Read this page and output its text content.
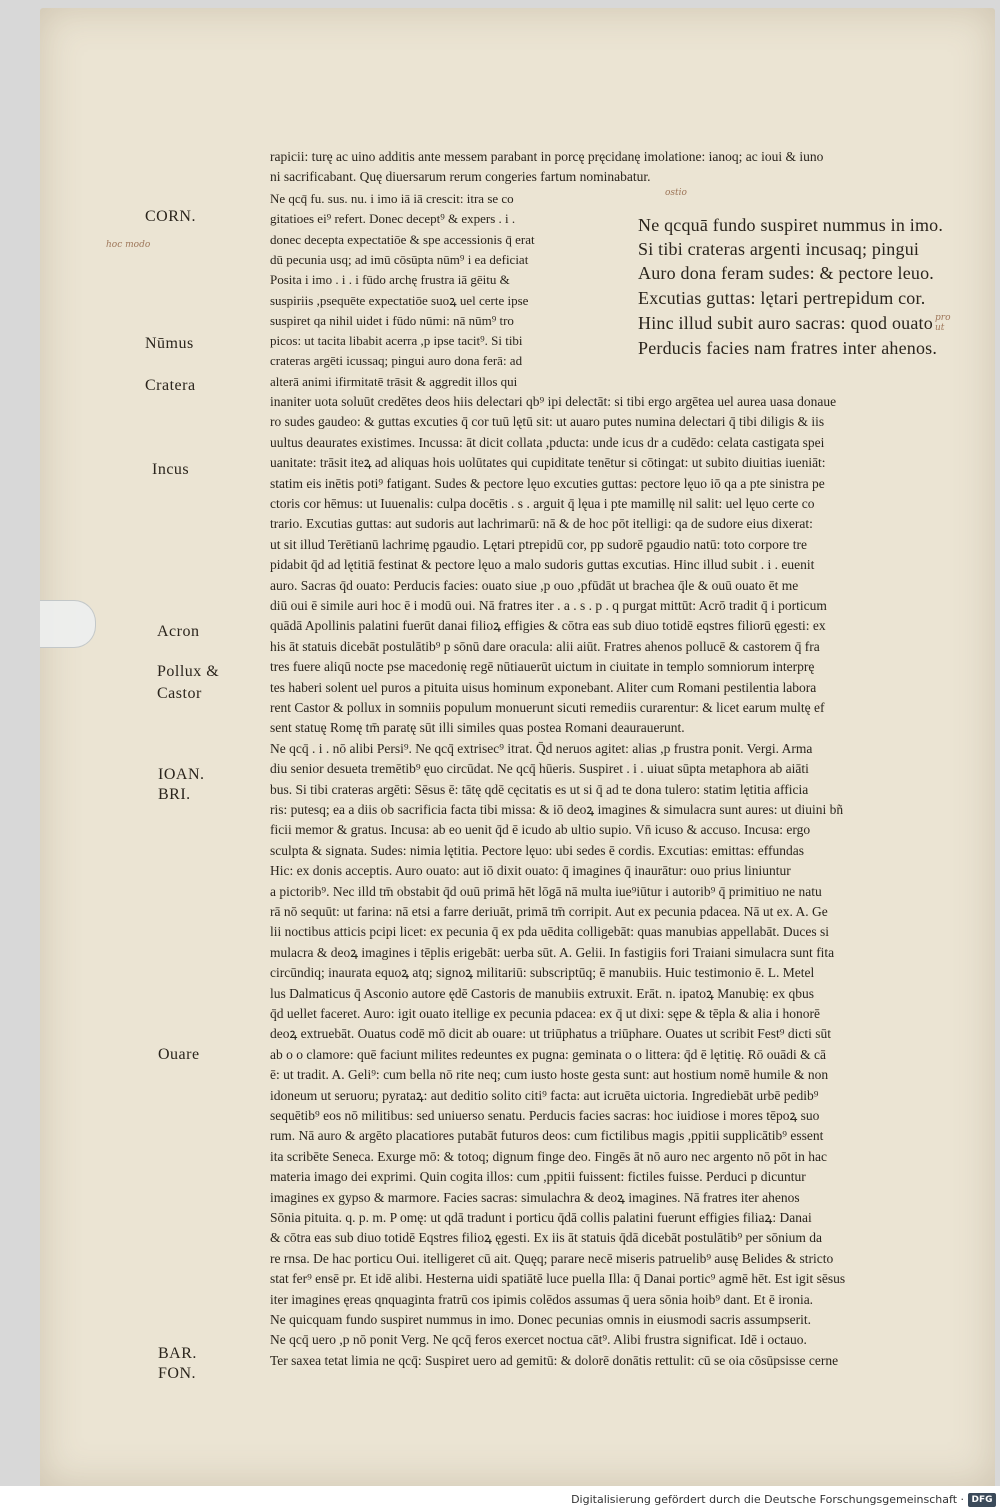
CORN.
Nūmus
Cratera
Incus
Acron
Pollux &
Castor
IOAN.
BRI.
Ouare
BAR.
FON.
hoc modo
ostio
pro ut
Ne qcquā fundo suspiret nummus in imo.
Si tibi crateras argenti incusaq; pingui
Auro dona feram sudes: & pectore leuo.
Excutias guttas: lętari pertrepidum cor.
Hinc illud subit auro sacras: quod ouato
Perducis facies nam fratres inter ahenos.
rapicii: turę ac uino additis ante messem parabant in porcę pręcidanę imolatione: ianoq; ac ioui & iuno
ni sacrificabant. Quę diuersarum rerum congeries fartum nominabatur.
Ne qcq̄ fu. sus. nu. i imo iā iā crescit: itra se co
gitatioes ei⁹ refert. Donec decept⁹ & expers . i .
donec decepta expectatiōe & spe accessionis q̄ erat
dū pecunia usq; ad imū cōsūpta nūm⁹ i ea deficiat
Posita i imo . i . i fūdo archę frustra iā gēitu &
suspiriis ,psequēte expectatiōe suoꝝ uel certe ipse
suspiret qa nihil uidet i fūdo nūmi: nā nūm⁹ tro
picos: ut tacita libabit acerra ,p ipse tacit⁹. Si tibi
crateras argēti icussaq; pingui auro dona ferā: ad
alterā animi ifirmitatē trāsit & aggredit illos qui
inaniter uota soluūt credētes deos hiis delectari qb⁹ ipi delectāt: si tibi ergo argētea uel aurea uasa donaue
ro sudes gaudeo: & guttas excuties q̄ cor tuū lętū sit: ut auaro putes numina delectari q̄ tibi diligis & iis
uultus deaurates existimes. Incussa: āt dicit collata ,pducta: unde icus dr a cudēdo: celata castigata spei
uanitate: trāsit iteꝝ ad aliquas hois uolūtates qui cupiditate tenētur si cōtingat: ut subito diuitias iueniāt:
statim eis inētis poti⁹ fatigant. Sudes & pectore lęuo excuties guttas: pectore lęuo iō qa a pte sinistra pe
ctoris cor hēmus: ut Iuuenalis: culpa docētis . s . arguit q̄ lęua i pte mamillę nil salit: uel lęuo certe co
trario. Excutias guttas: aut sudoris aut lachrimarū: nā & de hoc pōt itelligi: qa de sudore eius dixerat:
ut sit illud Terētianū lachrimę pgaudio. Lętari ptrepidū cor, pp sudorē pgaudio natū: toto corpore tre
pidabit q̄d ad lętitiā festinat & pectore lęuo a malo sudoris guttas excutias. Hinc illud subit . i . euenit
auro. Sacras q̄d ouato: Perducis facies: ouato siue ,p ouo ,pfūdāt ut brachea q̄le & ouū ouato ēt me
diū oui ē simile auri hoc ē i modū oui. Nā fratres iter . a . s . p . q purgat mittūt: Acrō tradit q̄ i porticum
quādā Apollinis palatini fuerūt danai filioꝝ effigies & cōtra eas sub diuo totidē eqstres filiorū ęgesti: ex
his āt statuis dicebāt postulātib⁹ p sōnū dare oracula: alii aiūt. Fratres ahenos pollucē & castorem q̄ fra
tres fuere aliqū nocte pse macedonię regē nūtiauerūt uictum in ciuitate in templo somniorum interprę
tes haberi solent uel puros a pituita uisus hominum exponebant. Aliter cum Romani pestilentia labora
rent Castor & pollux in somniis populum monuerunt sicuti remediis curarentur: & licet earum multę ef
sent statuę Romę tm̄ paratę sūt illi similes quas postea Romani deaurauerunt.
Ne qcq̄ . i . nō alibi Persi⁹. Ne qcq̄ extrisec⁹ itrat. Q̄d neruos agitet: alias ,p frustra ponit. Vergi. Arma
diu senior desueta tremētib⁹ ęuo circūdat. Ne qcq̄ hūeris. Suspiret . i . uiuat sūpta metaphora ab aiāti
bus. Si tibi crateras argēti: Sēsus ē: tātę qdē cęcitatis es ut si q̄ ad te dona tulero: statim lętitia afficia
ris: putesq; ea a diis ob sacrificia facta tibi missa: & iō deoꝝ imagines & simulacra sunt aures: ut diuini bñ
ficii memor & gratus. Incusa: ab eo uenit q̄d ē icudo ab ultio supio. Vn̄ icuso & accuso. Incusa: ergo
sculpta & signata. Sudes: nimia lętitia. Pectore lęuo: ubi sedes ē cordis. Excutias: emittas: effundas
Hic: ex donis acceptis. Auro ouato: aut iō dixit ouato: q̄ imagines q̄ inaurātur: ouo prius liniuntur
a pictorib⁹. Nec illd tm̄ obstabit q̄d ouū primā hēt lōgā nā multa iue⁹iūtur i autorib⁹ q̄ primitiuo ne natu
rā nō sequūt: ut farina: nā etsi a farre deriuāt, primā tm̄ corripit. Aut ex pecunia pdacea. Nā ut ex. A. Ge
lii noctibus atticis pcipi licet: ex pecunia q̄ ex pda uēdita colligebāt: quas manubias appellabāt. Duces si
mulacra & deoꝝ imagines i tēplis erigebāt: uerba sūt. A. Gelii. In fastigiis fori Traiani simulacra sunt fita
circūndiq; inaurata equoꝝ atq; signoꝝ militariū: subscriptūq; ē manubiis. Huic testimonio ē. L. Metel
lus Dalmaticus q̄ Asconio autore ędē Castoris de manubiis extruxit. Erāt. n. ipatoꝝ Manubię: ex qbus
q̄d uellet faceret. Auro: igit ouato itellige ex pecunia pdacea: ex q̄ ut dixi: sępe & tēpla & alia i honorē
deoꝝ extruebāt. Ouatus codē mō dicit ab ouare: ut triūphatus a triūphare. Ouates ut scribit Fest⁹ dicti sūt
ab o o clamore: quē faciunt milites redeuntes ex pugna: geminata o o littera: q̄d ē lętitię. Rō ouādi & cā
ē: ut tradit. A. Geli⁹: cum bella nō rite neq; cum iusto hoste gesta sunt: aut hostium nomē humile & non
idoneum ut seruoru; pyrataꝝ: aut deditio solito citi⁹ facta: aut icruēta uictoria. Ingrediebāt urbē pedib⁹
sequētib⁹ eos nō militibus: sed uniuerso senatu. Perducis facies sacras: hoc iuidiose i mores tēpoꝝ suo
rum. Nā auro & argēto placatiores putabāt futuros deos: cum fictilibus magis ,ppitii supplicātib⁹ essent
ita scribēte Seneca. Exurge mō: & totoq; dignum finge deo. Fingēs āt nō auro nec argento nō pōt in hac
materia imago dei exprimi. Quin cogita illos: cum ,ppitii fuissent: fictiles fuisse. Perduci p dicuntur
imagines ex gypso & marmore. Facies sacras: simulachra & deoꝝ imagines. Nā fratres iter ahenos
Sōnia pituita. q. p. m. P omę: ut qdā tradunt i porticu q̄dā collis palatini fuerunt effigies filiaꝝ: Danai
& cōtra eas sub diuo totidē Eqstres filioꝝ ęgesti. Ex iis āt statuis q̄dā dicebāt postulātib⁹ per sōnium da
re rnsa. De hac porticu Oui. itelligeret cū ait. Quęq; parare necē miseris patruelib⁹ ausę Belides & stricto
stat fer⁹ ensē pr. Et idē alibi. Hesterna uidi spatiātē luce puella Illa: q̄ Danai portic⁹ agmē hēt. Est igit sēsus
iter imagines ęreas qnquaginta fratrū cos ipimis colēdos assumas q̄ uera sōnia hoib⁹ dant. Et ē ironia.
Ne quicquam fundo suspiret nummus in imo. Donec pecunias omnis in eiusmodi sacris assumpserit.
Ne qcq̄ uero ,p nō ponit Verg. Ne qcq̄ feros exercet noctua cāt⁹. Alibi frustra significat. Idē i octauo.
Ter saxea tetat limia ne qcq̄: Suspiret uero ad gemitū: & dolorē donātis rettulit: cū se oia cōsūpsisse cerne
Digitalisierung gefördert durch die Deutsche Forschungsgemeinschaft · DFG
